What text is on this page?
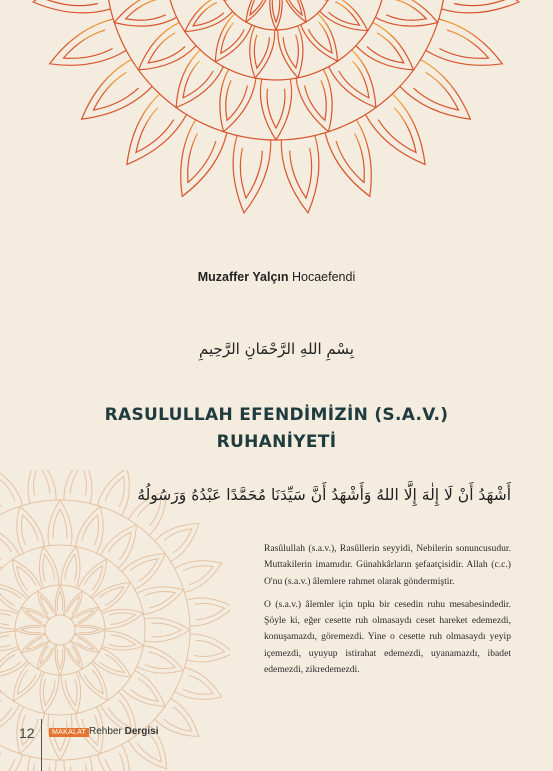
Muzaffer Yalçın Hocaefendi
بِسْمِ اللهِ الرَّحْمَانِ الرَّحِيمِ
RASULULLAH EFENDİMİZİN (S.A.V.)
RUHANİYETİ
أَشْهَدُ أَنْ لَا إِلٰهَ إِلَّا اللهُ وَأَشْهَدُ أَنَّ سَيِّدَنَا مُحَمَّدًا عَبْدُهُ وَرَسُولُهُ

Rasûlullah (s.a.v.), Rasûllerin seyyidi, Nebilerin sonuncusudur. Muttakilerin imamıdır. Günahkârların şefaatçisidir. Allah (c.c.) O'nu (s.a.v.) âlemlere rahmet olarak göndermiştir.

O (s.a.v.) âlemler için tıpkı bir cesedin ruhu mesabesindedir. Şöyle ki, eğer cesette ruh olmasaydı ceset hareket edemezdi, konuşamazdı, göremezdi. Yine o cesette ruh olmasaydı yeyip içemezdi, uyuyup istirahat edemezdi, uyanamazdı, ibadet edemezdi, zikredemezdi.

12	MAKALAT Rehber Dergisi
